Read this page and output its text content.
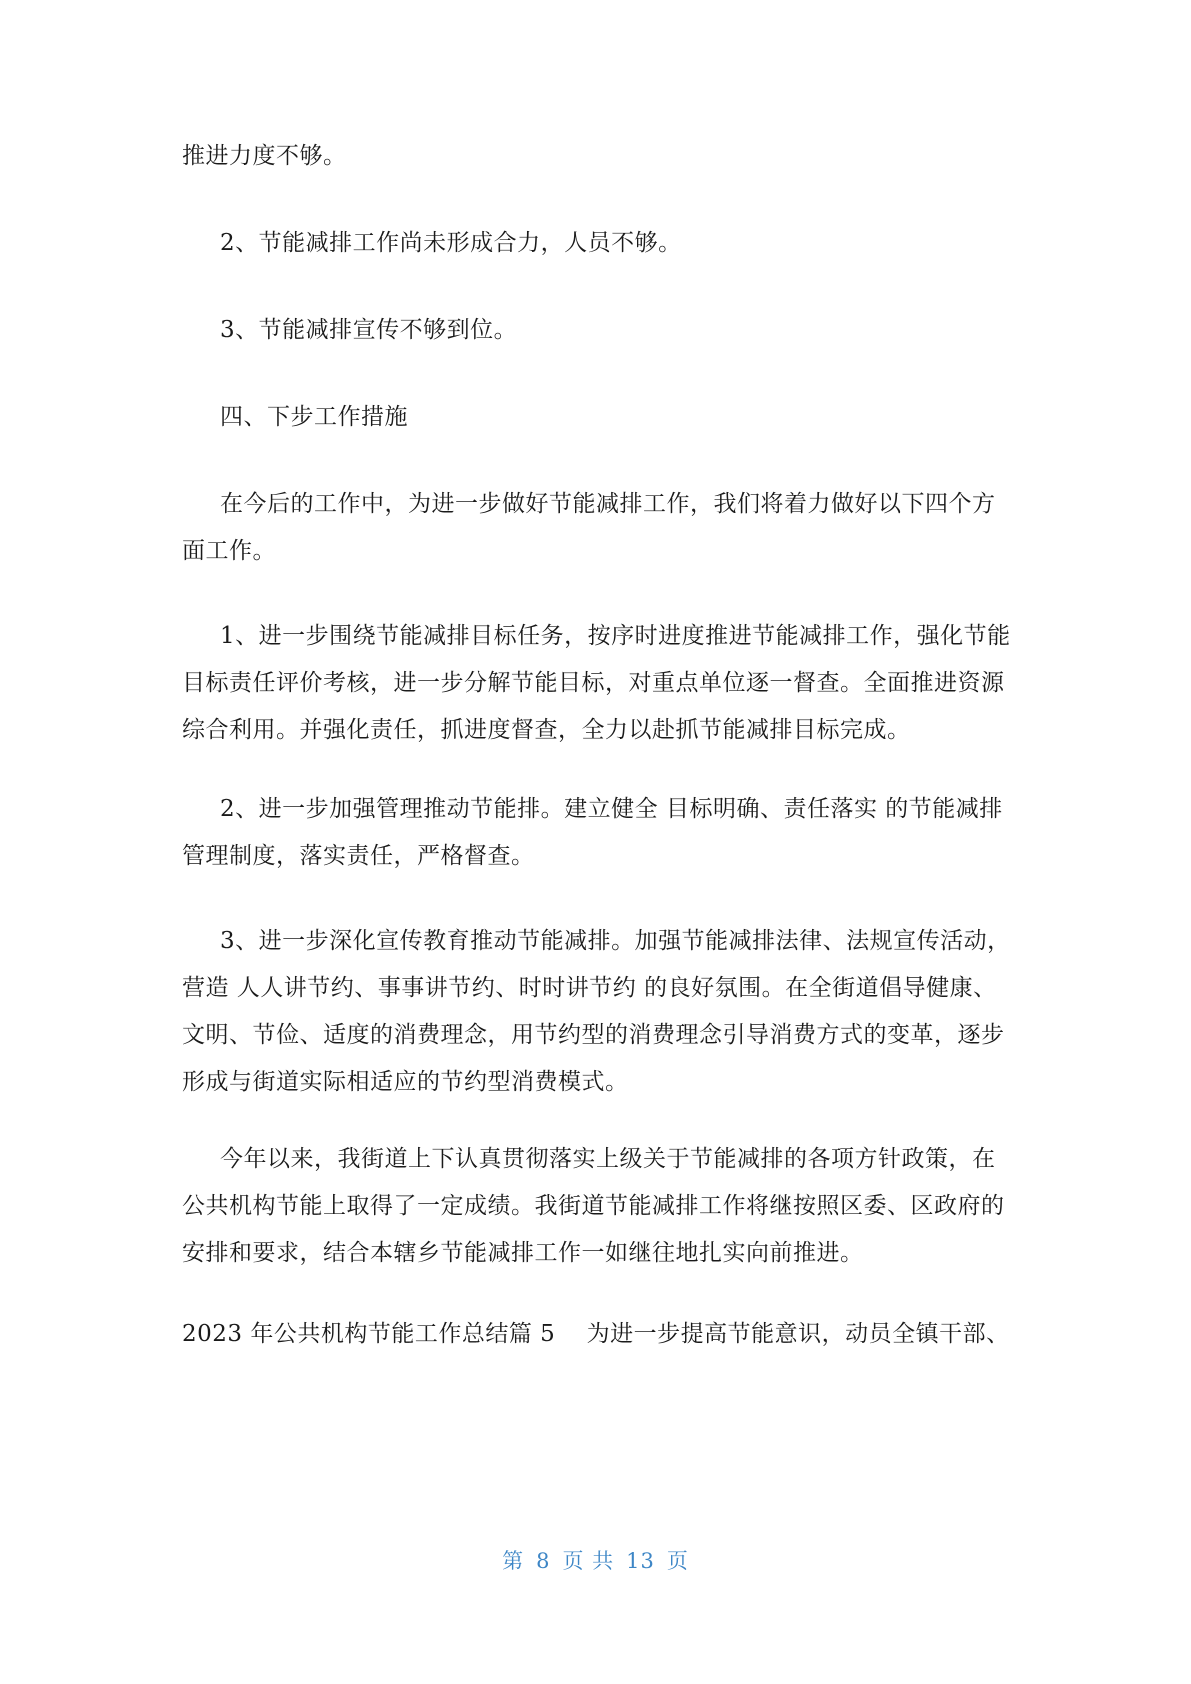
推进力度不够。

2、节能减排工作尚未形成合力，人员不够。

3、节能减排宣传不够到位。

四、下步工作措施

在今后的工作中，为进一步做好节能减排工作，我们将着力做好以下四个方面工作。

1、进一步围绕节能减排目标任务，按序时进度推进节能减排工作，强化节能目标责任评价考核，进一步分解节能目标，对重点单位逐一督查。全面推进资源综合利用。并强化责任，抓进度督查，全力以赴抓节能减排目标完成。

2、进一步加强管理推动节能排。建立健全 目标明确、责任落实 的节能减排管理制度，落实责任，严格督查。

3、进一步深化宣传教育推动节能减排。加强节能减排法律、法规宣传活动，营造 人人讲节约、事事讲节约、时时讲节约 的良好氛围。在全街道倡导健康、文明、节俭、适度的消费理念，用节约型的消费理念引导消费方式的变革，逐步形成与街道实际相适应的节约型消费模式。

今年以来，我街道上下认真贯彻落实上级关于节能减排的各项方针政策，在公共机构节能上取得了一定成绩。我街道节能减排工作将继按照区委、区政府的安排和要求，结合本辖乡节能减排工作一如继往地扎实向前推进。

2023 年公共机构节能工作总结篇 5　 为进一步提高节能意识，动员全镇干部、

第 8 页 共 13 页
